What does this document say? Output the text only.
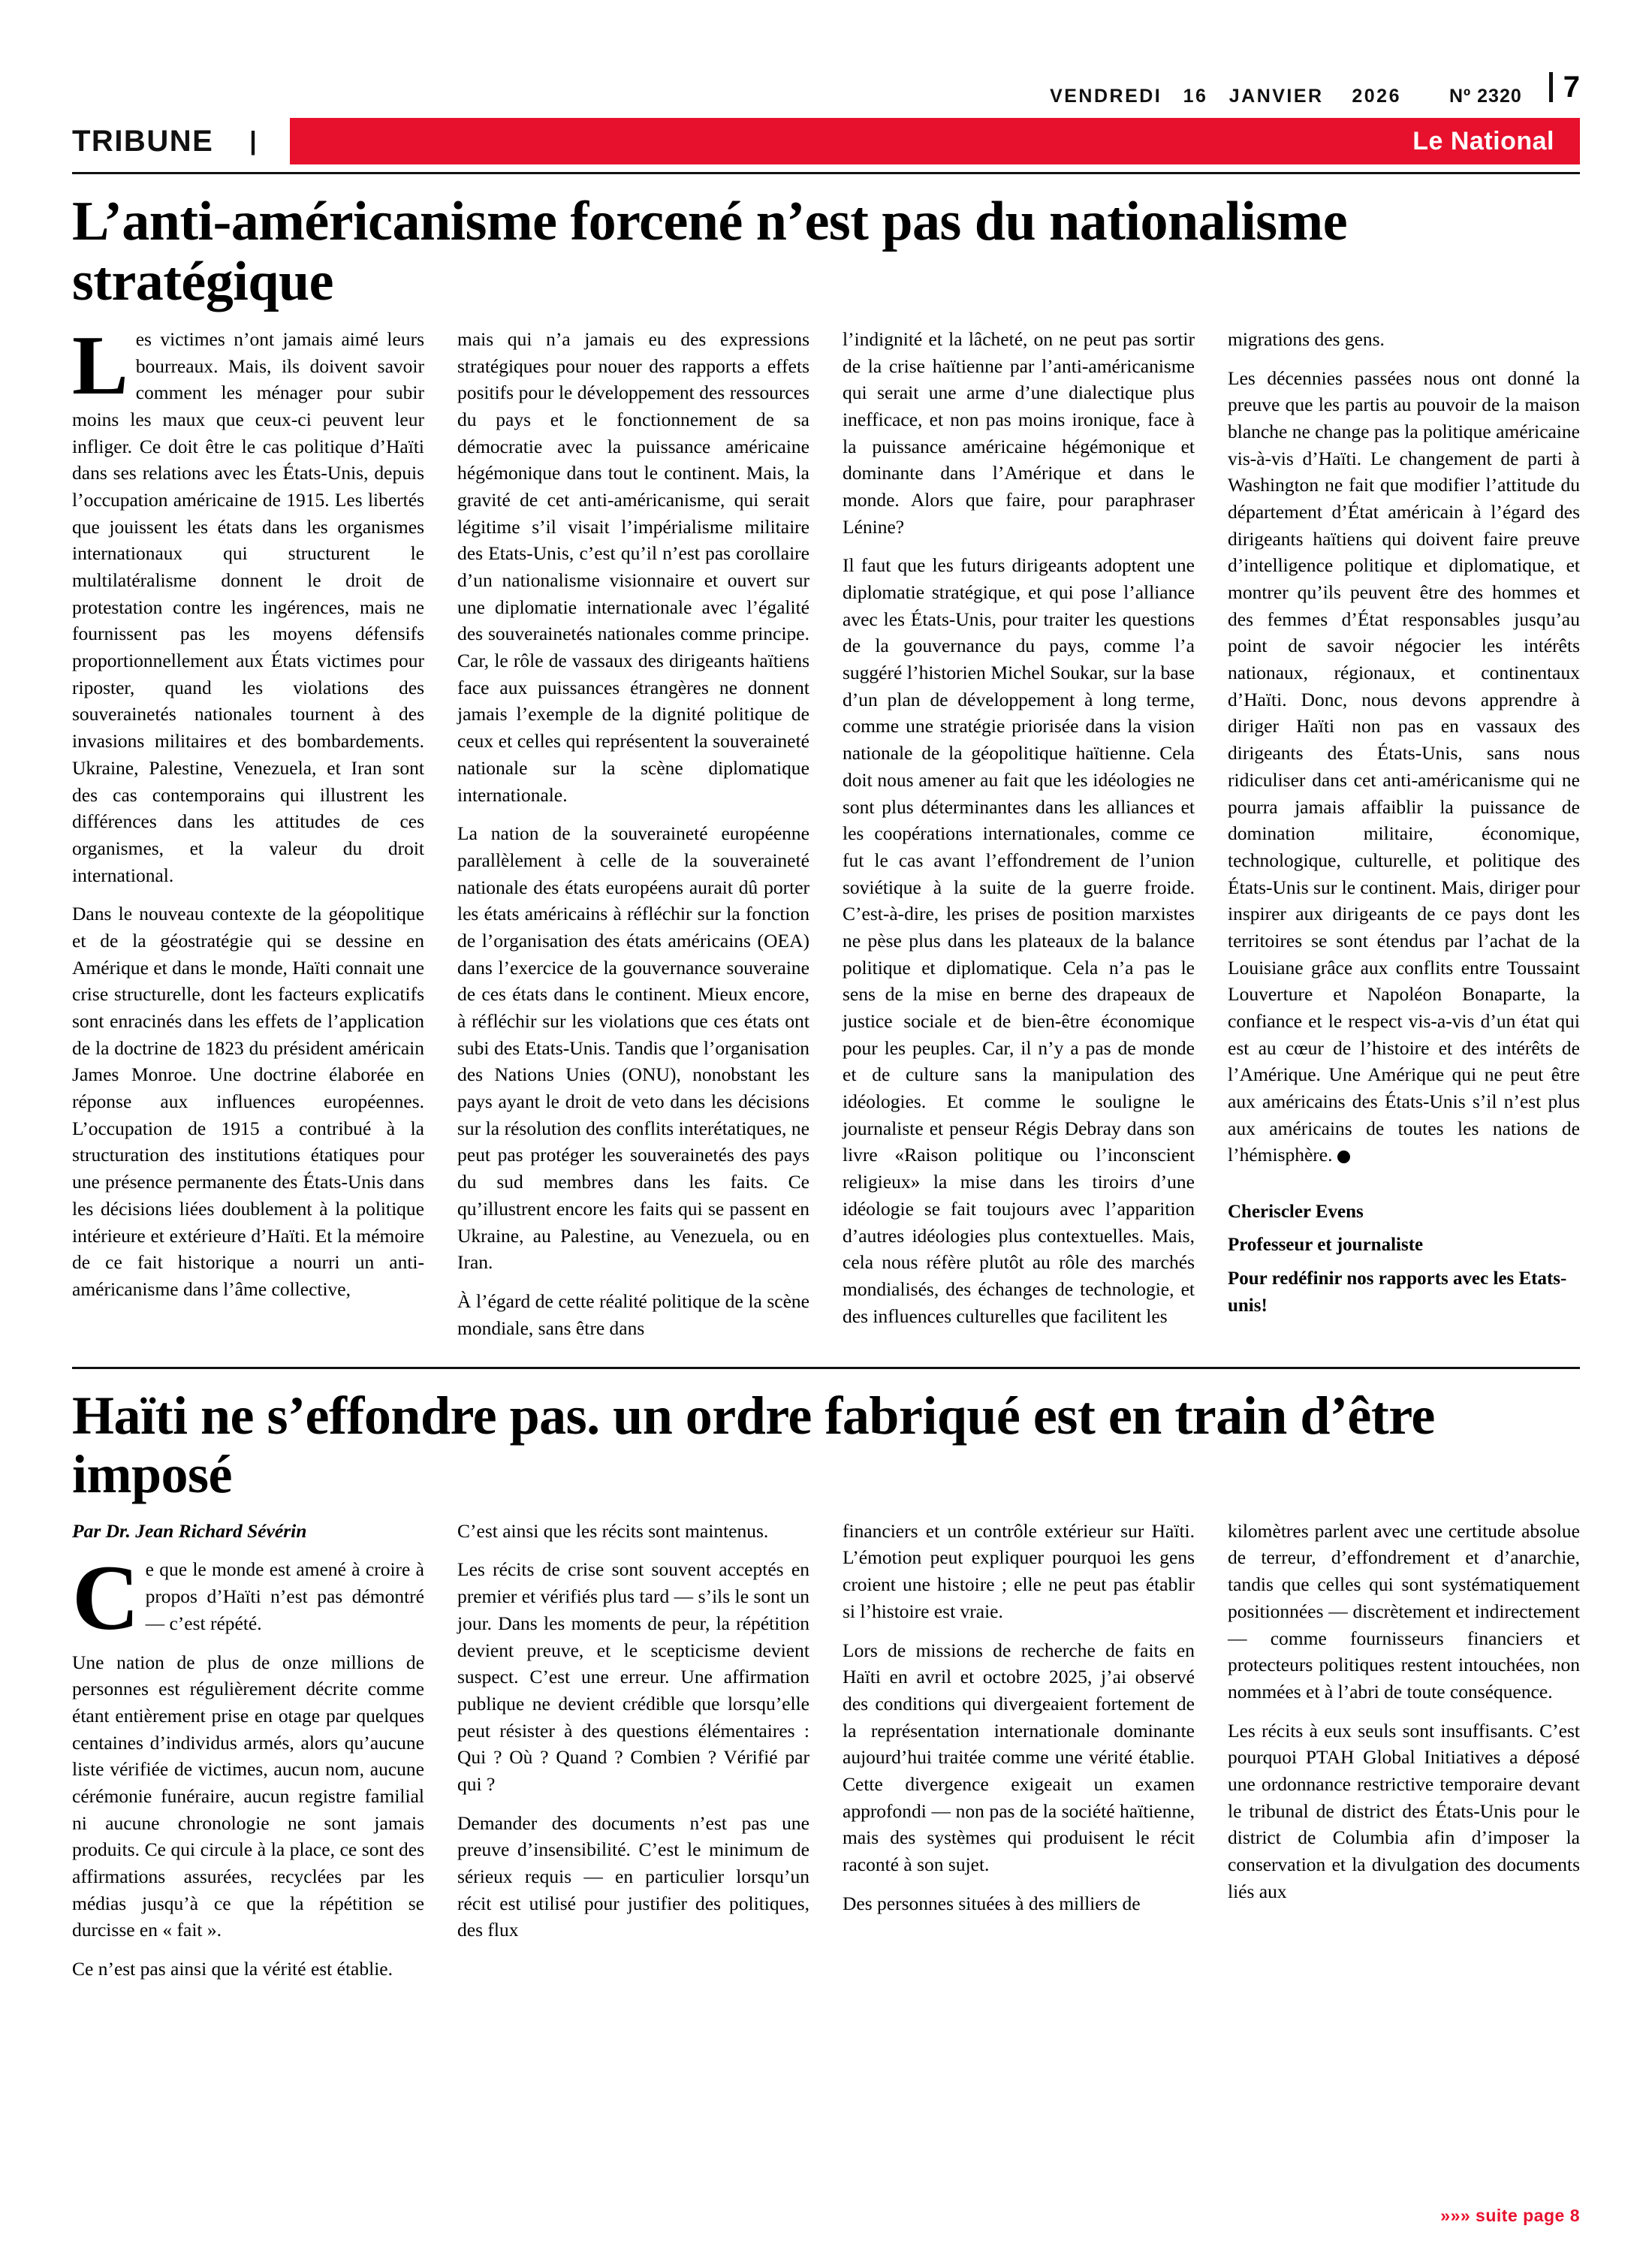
VENDREDI   16   JANVIER    2026	Nº 2320 7
TRIBUNE |	Le National
L’anti-américanisme forcené n’est pas du nationalisme stratégique

Les victimes n’ont jamais aimé leurs bourreaux. Mais, ils doivent savoir comment les ménager pour subir moins les maux que ceux-ci peuvent leur infliger. Ce doit être le cas politique d’Haïti dans ses relations avec les États-Unis, depuis l’occupation américaine de 1915. Les libertés que jouissent les états dans les organismes internationaux qui structurent le multilatéralisme donnent le droit de protestation contre les ingérences, mais ne fournissent pas les moyens défensifs proportionnellement aux États victimes pour riposter, quand les violations des souverainetés nationales tournent à des invasions militaires et des bombardements. Ukraine, Palestine, Venezuela, et Iran sont des cas contemporains qui illustrent les différences dans les attitudes de ces organismes, et la valeur du droit international.

Dans le nouveau contexte de la géopolitique et de la géostratégie qui se dessine en Amérique et dans le monde, Haïti connait une crise structurelle, dont les facteurs explicatifs sont enracinés dans les effets de l’application de la doctrine de 1823 du président américain James Monroe. Une doctrine élaborée en réponse aux influences européennes. L’occupation de 1915 a contribué à la structuration des institutions étatiques pour une présence permanente des États-Unis dans les décisions liées doublement à la politique intérieure et extérieure d’Haïti. Et la mémoire de ce fait historique a nourri un anti-américanisme dans l’âme collective,

mais qui n’a jamais eu des expressions stratégiques pour nouer des rapports a effets positifs pour le développement des ressources du pays et le fonctionnement de sa démocratie avec la puissance américaine hégémonique dans tout le continent. Mais, la gravité de cet anti-américanisme, qui serait légitime s’il visait l’impérialisme militaire des Etats-Unis, c’est qu’il n’est pas corollaire d’un nationalisme visionnaire et ouvert sur une diplomatie internationale avec l’égalité des souverainetés nationales comme principe. Car, le rôle de vassaux des dirigeants haïtiens face aux puissances étrangères ne donnent jamais l’exemple de la dignité politique de ceux et celles qui représentent la souveraineté nationale sur la scène diplomatique internationale.

La nation de la souveraineté européenne parallèlement à celle de la souveraineté nationale des états européens aurait dû porter les états américains à réfléchir sur la fonction de l’organisation des états américains (OEA) dans l’exercice de la gouvernance souveraine de ces états dans le continent. Mieux encore, à réfléchir sur les violations que ces états ont subi des Etats-Unis. Tandis que l’organisation des Nations Unies (ONU), nonobstant les pays ayant le droit de veto dans les décisions sur la résolution des conflits interétatiques, ne peut pas protéger les souverainetés des pays du sud membres dans les faits. Ce qu’illustrent encore les faits qui se passent en Ukraine, au Palestine, au Venezuela, ou en Iran.

À l’égard de cette réalité politique de la scène mondiale, sans être dans

l’indignité et la lâcheté, on ne peut pas sortir de la crise haïtienne par l’anti-américanisme qui serait une arme d’une dialectique plus inefficace, et non pas moins ironique, face à la puissance américaine hégémonique et dominante dans l’Amérique et dans le monde. Alors que faire, pour paraphraser Lénine?

Il faut que les futurs dirigeants adoptent une diplomatie stratégique, et qui pose l’alliance avec les États-Unis, pour traiter les questions de la gouvernance du pays, comme l’a suggéré l’historien Michel Soukar, sur la base d’un plan de développement à long terme, comme une stratégie priorisée dans la vision nationale de la géopolitique haïtienne. Cela doit nous amener au fait que les idéologies ne sont plus déterminantes dans les alliances et les coopérations internationales, comme ce fut le cas avant l’effondrement de l’union soviétique à la suite de la guerre froide. C’est-à-dire, les prises de position marxistes ne pèse plus dans les plateaux de la balance politique et diplomatique. Cela n’a pas le sens de la mise en berne des drapeaux de justice sociale et de bien-être économique pour les peuples. Car, il n’y a pas de monde et de culture sans la manipulation des idéologies. Et comme le souligne le journaliste et penseur Régis Debray dans son livre «Raison politique ou l’inconscient religieux» la mise dans les tiroirs d’une idéologie se fait toujours avec l’apparition d’autres idéologies plus contextuelles. Mais, cela nous réfère plutôt au rôle des marchés mondialisés, des échanges de technologie, et des influences culturelles que facilitent les

migrations des gens.

Les décennies passées nous ont donné la preuve que les partis au pouvoir de la maison blanche ne change pas la politique américaine vis-à-vis d’Haïti. Le changement de parti à Washington ne fait que modifier l’attitude du département d’État américain à l’égard des dirigeants haïtiens qui doivent faire preuve d’intelligence politique et diplomatique, et montrer qu’ils peuvent être des hommes et des femmes d’État responsables jusqu’au point de savoir négocier les intérêts nationaux, régionaux, et continentaux d’Haïti. Donc, nous devons apprendre à diriger Haïti non pas en vassaux des dirigeants des États-Unis, sans nous ridiculiser dans cet anti-américanisme qui ne pourra jamais affaiblir la puissance de domination militaire, économique, technologique, culturelle, et politique des États-Unis sur le continent. Mais, diriger pour inspirer aux dirigeants de ce pays dont les territoires se sont étendus par l’achat de la Louisiane grâce aux conflits entre Toussaint Louverture et Napoléon Bonaparte, la confiance et le respect vis-a-vis d’un état qui est au cœur de l’histoire et des intérêts de l’Amérique. Une Amérique qui ne peut être aux américains des États-Unis s’il n’est plus aux américains de toutes les nations de l’hémisphère.

Cheriscler Evens
Professeur et journaliste
Pour redéfinir nos rapports avec les Etats-unis!
Haïti ne s’effondre pas. un ordre fabriqué est en train d’être imposé

Par Dr. Jean Richard Sévérin

Ce que le monde est amené à croire à propos d’Haïti n’est pas démontré — c’est répété.

Une nation de plus de onze millions de personnes est régulièrement décrite comme étant entièrement prise en otage par quelques centaines d’individus armés, alors qu’aucune liste vérifiée de victimes, aucun nom, aucune cérémonie funéraire, aucun registre familial ni aucune chronologie ne sont jamais produits. Ce qui circule à la place, ce sont des affirmations assurées, recyclées par les médias jusqu’à ce que la répétition se durcisse en « fait ».

Ce n’est pas ainsi que la vérité est établie.

C’est ainsi que les récits sont maintenus.

Les récits de crise sont souvent acceptés en premier et vérifiés plus tard — s’ils le sont un jour. Dans les moments de peur, la répétition devient preuve, et le scepticisme devient suspect. C’est une erreur. Une affirmation publique ne devient crédible que lorsqu’elle peut résister à des questions élémentaires : Qui ? Où ? Quand ? Combien ? Vérifié par qui ?

Demander des documents n’est pas une preuve d’insensibilité. C’est le minimum de sérieux requis — en particulier lorsqu’un récit est utilisé pour justifier des politiques, des flux

financiers et un contrôle extérieur sur Haïti. L’émotion peut expliquer pourquoi les gens croient une histoire ; elle ne peut pas établir si l’histoire est vraie.

Lors de missions de recherche de faits en Haïti en avril et octobre 2025, j’ai observé des conditions qui divergeaient fortement de la représentation internationale dominante aujourd’hui traitée comme une vérité établie. Cette divergence exigeait un examen approfondi — non pas de la société haïtienne, mais des systèmes qui produisent le récit raconté à son sujet.

Des personnes situées à des milliers de

kilomètres parlent avec une certitude absolue de terreur, d’effondrement et d’anarchie, tandis que celles qui sont systématiquement positionnées — discrètement et indirectement — comme fournisseurs financiers et protecteurs politiques restent intouchées, non nommées et à l’abri de toute conséquence.

Les récits à eux seuls sont insuffisants. C’est pourquoi PTAH Global Initiatives a déposé une ordonnance restrictive temporaire devant le tribunal de district des États-Unis pour le district de Columbia afin d’imposer la conservation et la divulgation des documents liés aux

»»» suite page 8
